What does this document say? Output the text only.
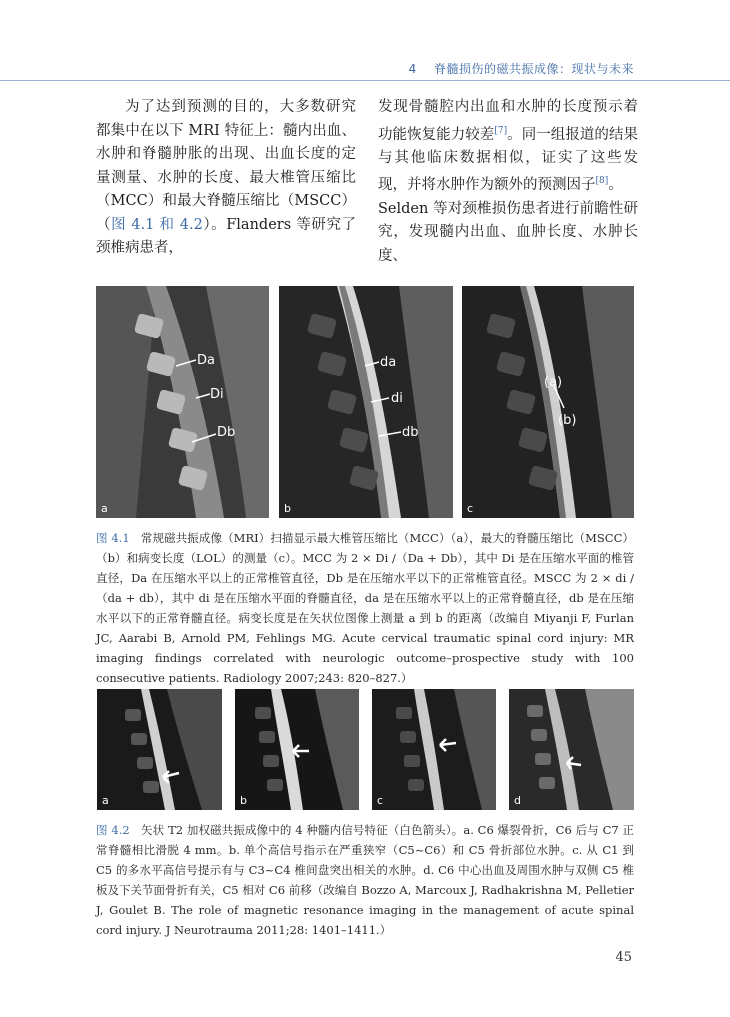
4 脊髓损伤的磁共振成像：现状与未来

为了达到预测的目的，大多数研究都集中在以下 MRI 特征上：髓内出血、水肿和脊髓肿胀的出现、出血长度的定量测量、水肿的长度、最大椎管压缩比（MCC）和最大脊髓压缩比（MSCC）（图 4.1 和 4.2）。Flanders 等研究了颈椎病患者，

发现骨髓腔内出血和水肿的长度预示着功能恢复能力较差[7]。同一组报道的结果与其他临床数据相似，证实了这些发现，并将水肿作为额外的预测因子[8]。

Selden 等对颈椎损伤患者进行前瞻性研究，发现髓内出血、血肿长度、水肿长度、

Da
Di
Db
a
da
di
db
b
(a)
(b)
c
图 4.1 常规磁共振成像（MRI）扫描显示最大椎管压缩比（MCC）（a），最大的脊髓压缩比（MSCC）（b）和病变长度（LOL）的测量（c）。MCC 为 2 × Di /（Da + Db），其中 Di 是在压缩水平面的椎管直径，Da 在压缩水平以上的正常椎管直径，Db 是在压缩水平以下的正常椎管直径。MSCC 为 2 × di /（da + db），其中 di 是在压缩水平面的脊髓直径，da 是在压缩水平以上的正常脊髓直径，db 是在压缩水平以下的正常脊髓直径。病变长度是在矢状位图像上测量 a 到 b 的距离（改编自 Miyanji F, Furlan JC, Aarabi B, Arnold PM, Fehlings MG. Acute cervical traumatic spinal cord injury: MR imaging findings correlated with neurologic outcome–prospective study with 100 consecutive patients. Radiology 2007;243: 820–827.）
a	b	c	d
图 4.2 矢状 T2 加权磁共振成像中的 4 种髓内信号特征（白色箭头）。a. C6 爆裂骨折，C6 后与 C7 正常脊髓相比滑脱 4 mm。b. 单个高信号指示在严重狭窄（C5~C6）和 C5 骨折部位水肿。c. 从 C1 到 C5 的多水平高信号提示有与 C3~C4 椎间盘突出相关的水肿。d. C6 中心出血及周围水肿与双侧 C5 椎板及下关节面骨折有关，C5 相对 C6 前移（改编自 Bozzo A, Marcoux J, Radhakrishna M, Pelletier J, Goulet B. The role of magnetic resonance imaging in the management of acute spinal cord injury. J Neurotrauma 2011;28: 1401–1411.）
45
